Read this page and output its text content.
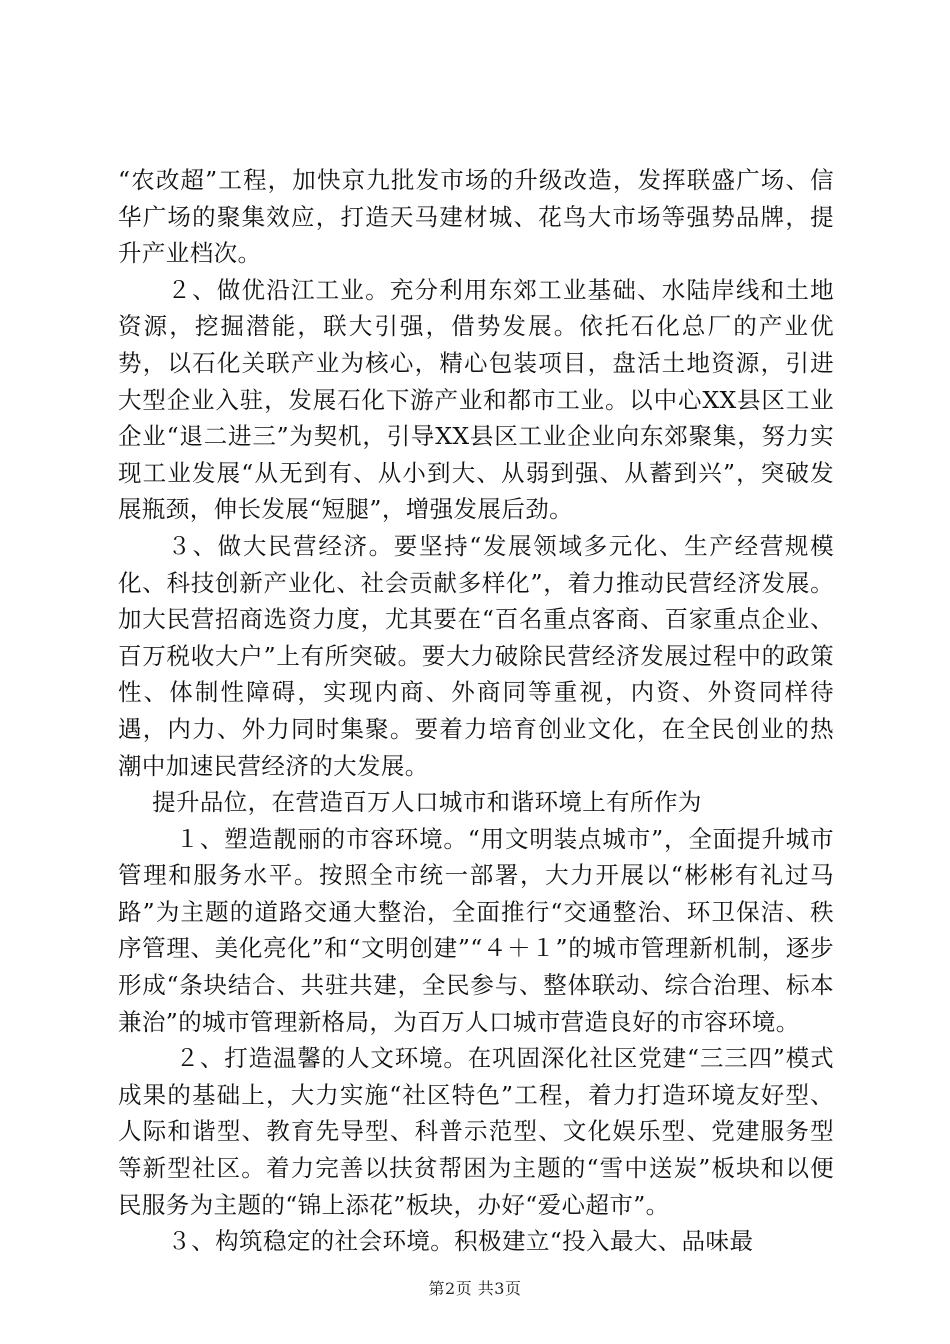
“农改超”工程，加快京九批发市场的升级改造，发挥联盛广场、信华广场的聚集效应，打造天马建材城、花鸟大市场等强势品牌，提升产业档次。

２、做优沿江工业。充分利用东郊工业基础、水陆岸线和土地资源，挖掘潜能，联大引强，借势发展。依托石化总厂的产业优势，以石化关联产业为核心，精心包装项目，盘活土地资源，引进大型企业入驻，发展石化下游产业和都市工业。以中心XX县区工业企业“退二进三”为契机，引导XX县区工业企业向东郊聚集，努力实现工业发展“从无到有、从小到大、从弱到强、从蓄到兴”，突破发展瓶颈，伸长发展“短腿”，增强发展后劲。

３、做大民营经济。要坚持“发展领域多元化、生产经营规模化、科技创新产业化、社会贡献多样化”，着力推动民营经济发展。加大民营招商选资力度，尤其要在“百名重点客商、百家重点企业、百万税收大户”上有所突破。要大力破除民营经济发展过程中的政策性、体制性障碍，实现内商、外商同等重视，内资、外资同样待遇，内力、外力同时集聚。要着力培育创业文化，在全民创业的热潮中加速民营经济的大发展。

提升品位，在营造百万人口城市和谐环境上有所作为

１、塑造靓丽的市容环境。“用文明装点城市”，全面提升城市管理和服务水平。按照全市统一部署，大力开展以“彬彬有礼过马路”为主题的道路交通大整治，全面推行“交通整治、环卫保洁、秩序管理、美化亮化”和“文明创建”“４＋１”的城市管理新机制，逐步形成“条块结合、共驻共建，全民参与、整体联动、综合治理、标本兼治”的城市管理新格局，为百万人口城市营造良好的市容环境。

２、打造温馨的人文环境。在巩固深化社区党建“三三四”模式成果的基础上，大力实施“社区特色”工程，着力打造环境友好型、人际和谐型、教育先导型、科普示范型、文化娱乐型、党建服务型等新型社区。着力完善以扶贫帮困为主题的“雪中送炭”板块和以便民服务为主题的“锦上添花”板块，办好“爱心超市”。

３、构筑稳定的社会环境。积极建立“投入最大、品味最

第2页 共3页
